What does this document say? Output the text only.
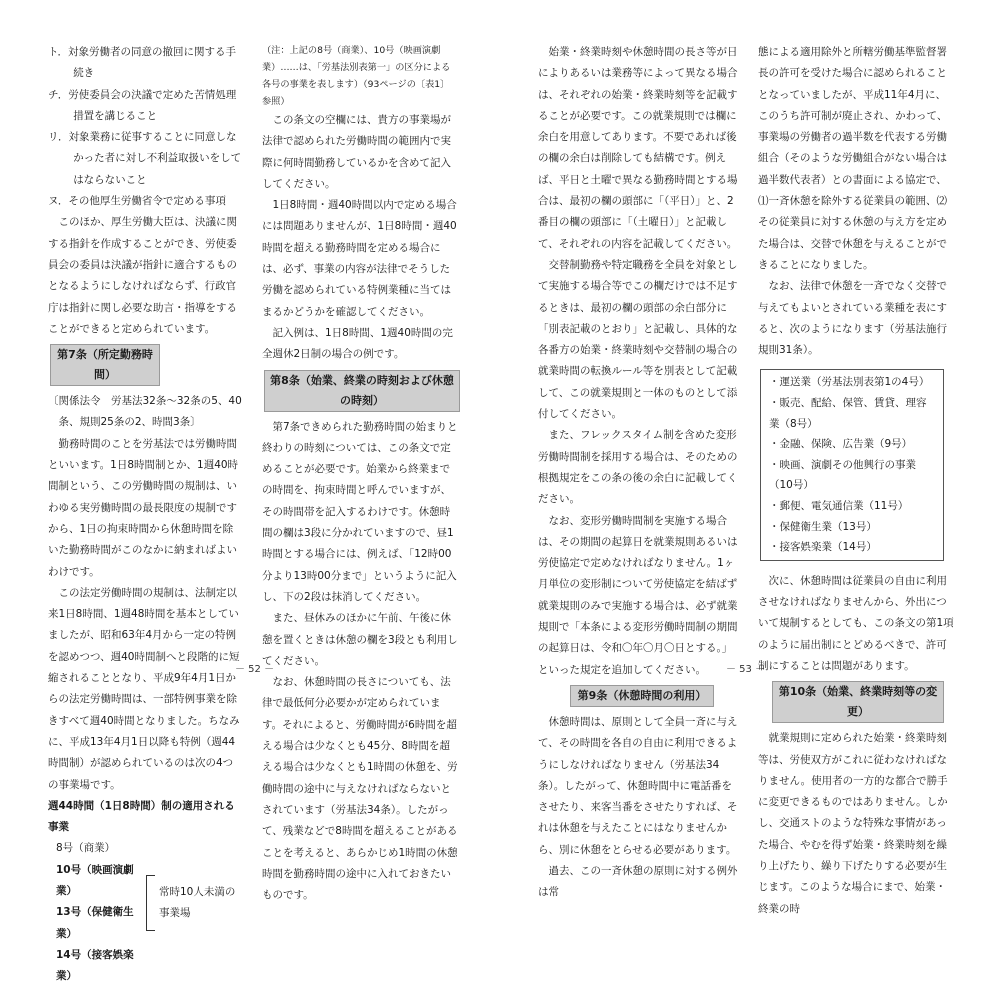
ト．対象労働者の同意の撤回に関する手続き

チ．労使委員会の決議で定めた苦情処理措置を講じること

リ．対象業務に従事することに同意しなかった者に対し不利益取扱いをしてはならないこと

ヌ．その他厚生労働省令で定める事項

このほか、厚生労働大臣は、決議に関する指針を作成することができ、労使委員会の委員は決議が指針に適合するものとなるようにしなければならず、行政官庁は指針に関し必要な助言・指導をすることができると定められています。

第7条（所定勤務時間）

〔関係法令　労基法32条～32条の5、40条、規則25条の2、時間3条〕

勤務時間のことを労基法では労働時間といいます。1日8時間制とか、1週40時間制という、この労働時間の規制は、いわゆる実労働時間の最長限度の規制ですから、1日の拘束時間から休憩時間を除いた勤務時間がこのなかに納まればよいわけです。

この法定労働時間の規制は、法制定以来1日8時間、1週48時間を基本としていましたが、昭和63年4月から一定の特例を認めつつ、週40時間制へと段階的に短縮されることとなり、平成9年4月1日からの法定労働時間は、一部特例事業を除きすべて週40時間となりました。ちなみに、平成13年4月1日以降も特例（週44時間制）が認められているのは次の4つの事業場です。

週44時間（1日8時間）制の適用される事業

8号（商業）
10号（映画演劇業）
13号（保健衛生業）
14号（接客娯楽業）
常時10人未満の
事業場

（注：上記の8号（商業）、10号（映画演劇業）……は、「労基法別表第一」の区分による各号の事業を表します）（93ページの〔表1〕参照）

この条文の空欄には、貴方の事業場が法律で認められた労働時間の範囲内で実際に何時間勤務しているかを含めて記入してください。

1日8時間・週40時間以内で定める場合には問題ありませんが、1日8時間・週40時間を超える勤務時間を定める場合には、必ず、事業の内容が法律でそうした労働を認められている特例業種に当てはまるかどうかを確認してください。

記入例は、1日8時間、1週40時間の完全週休2日制の場合の例です。

第8条（始業、終業の時刻および休憩の時刻）

第7条できめられた勤務時間の始まりと終わりの時刻については、この条文で定めることが必要です。始業から終業までの時間を、拘束時間と呼んでいますが、その時間帯を記入するわけです。休憩時間の欄は3段に分かれていますので、昼1時間とする場合には、例えば、「12時00分より13時00分まで」というように記入し、下の2段は抹消してください。

また、昼休みのほかに午前、午後に休憩を置くときは休憩の欄を3段とも利用してください。

なお、休憩時間の長さについても、法律で最低何分必要かが定められています。それによると、労働時間が6時間を超える場合は少なくとも45分、8時間を超える場合は少なくとも1時間の休憩を、労働時間の途中に与えなければならないとされています（労基法34条）。したがって、残業などで8時間を超えることがあることを考えると、あらかじめ1時間の休憩時間を勤務時間の途中に入れておきたいものです。

－ 52 －

始業・終業時刻や休憩時間の長さ等が日によりあるいは業務等によって異なる場合は、それぞれの始業・終業時刻等を記載することが必要です。この就業規則では欄に余白を用意してあります。不要であれば後の欄の余白は削除しても結構です。例えば、平日と土曜で異なる勤務時間とする場合は、最初の欄の頭部に「（平日）」と、2番目の欄の頭部に「（土曜日）」と記載して、それぞれの内容を記載してください。

交替制勤務や特定職務を全員を対象として実施する場合等でこの欄だけでは不足するときは、最初の欄の頭部の余白部分に「別表記載のとおり」と記載し、具体的な各番方の始業・終業時刻や交替制の場合の就業時間の転換ルール等を別表として記載して、この就業規則と一体のものとして添付してください。

また、フレックスタイム制を含めた変形労働時間制を採用する場合は、そのための根拠規定をこの条の後の余白に記載してください。

なお、変形労働時間制を実施する場合は、その期間の起算日を就業規則あるいは労使協定で定めなければなりません。1ヶ月単位の変形制について労使協定を結ばず就業規則のみで実施する場合は、必ず就業規則で「本条による変形労働時間制の期間の起算日は、令和〇年〇月〇日とする。」といった規定を追加してください。

第9条（休憩時間の利用）

休憩時間は、原則として全員一斉に与えて、その時間を各自の自由に利用できるようにしなければなりません（労基法34条）。したがって、休憩時間中に電話番をさせたり、来客当番をさせたりすれば、それは休憩を与えたことにはなりませんから、別に休憩をとらせる必要があります。

過去、この一斉休憩の原則に対する例外は常

態による適用除外と所轄労働基準監督署長の許可を受けた場合に認められることとなっていましたが、平成11年4月に、このうち許可制が廃止され、かわって、事業場の労働者の過半数を代表する労働組合（そのような労働組合がない場合は過半数代表者）との書面による協定で、⑴一斉休憩を除外する従業員の範囲、⑵その従業員に対する休憩の与え方を定めた場合は、交替で休憩を与えることができることになりました。

なお、法律で休憩を一斉でなく交替で与えてもよいとされている業種を表にすると、次のようになります（労基法施行規則31条）。

・運送業（労基法別表第1の4号）
・販売、配給、保管、賃貸、理容業（8号）
・金融、保険、広告業（9号）
・映画、演劇その他興行の事業（10号）
・郵便、電気通信業（11号）
・保健衛生業（13号）
・接客娯楽業（14号）

次に、休憩時間は従業員の自由に利用させなければなりませんから、外出について規制するとしても、この条文の第1項のように届出制にとどめるべきで、許可制にすることは問題があります。

第10条（始業、終業時刻等の変更）

就業規則に定められた始業・終業時刻等は、労使双方がこれに従わなければなりません。使用者の一方的な都合で勝手に変更できるものではありません。しかし、交通ストのような特殊な事情があった場合、やむを得ず始業・終業時刻を繰り上げたり、繰り下げたりする必要が生じます。このような場合にまで、始業・終業の時

－ 53 －
